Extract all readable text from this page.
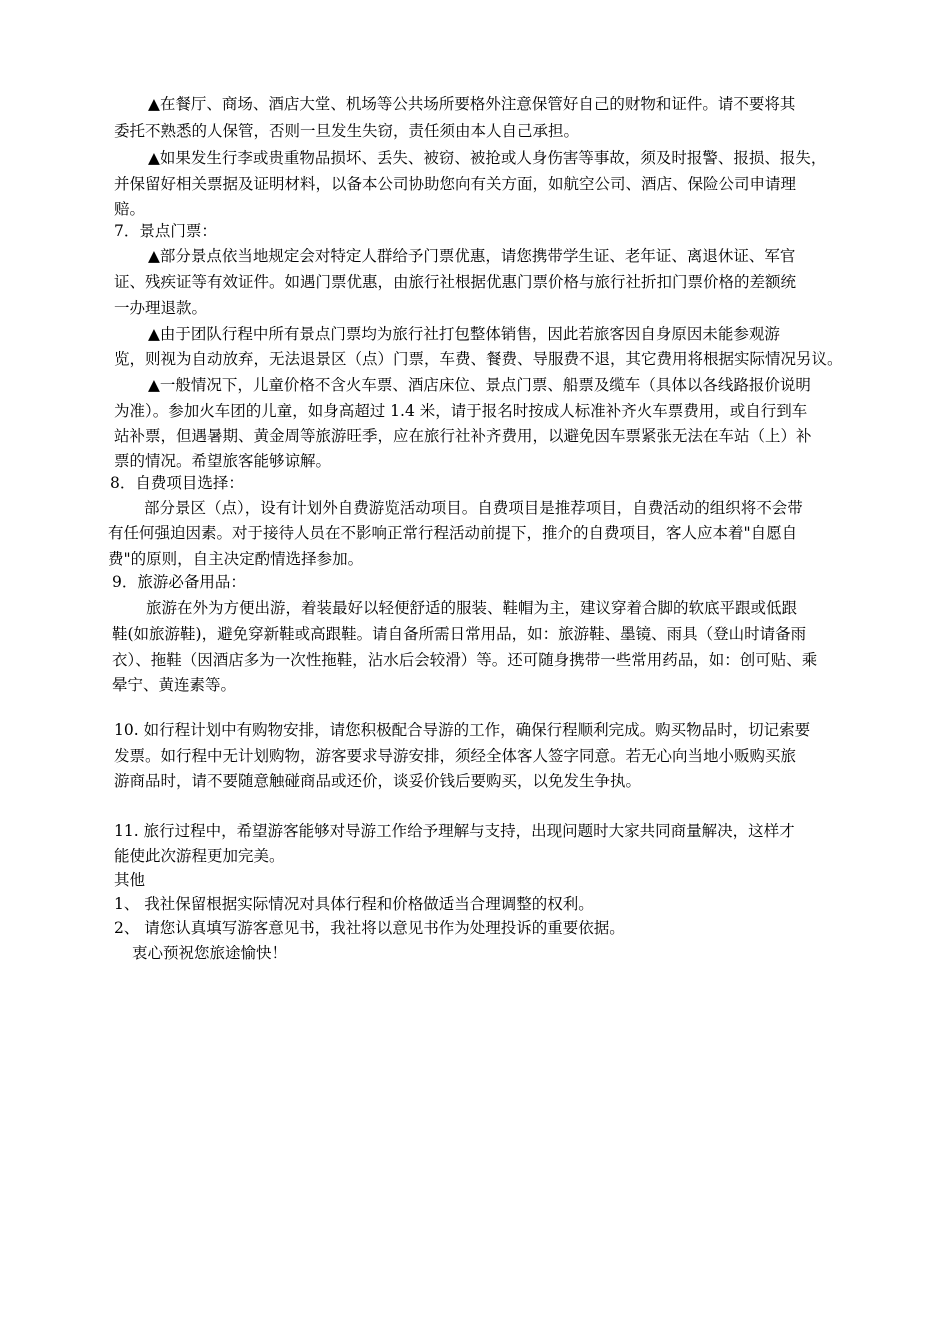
▲在餐厅、商场、酒店大堂、机场等公共场所要格外注意保管好自己的财物和证件。请不要将其
委托不熟悉的人保管，否则一旦发生失窃，责任须由本人自己承担。
▲如果发生行李或贵重物品损坏、丢失、被窃、被抢或人身伤害等事故，须及时报警、报损、报失，
并保留好相关票据及证明材料，以备本公司协助您向有关方面，如航空公司、酒店、保险公司申请理
赔。
7．景点门票：
▲部分景点依当地规定会对特定人群给予门票优惠，请您携带学生证、老年证、离退休证、军官
证、残疾证等有效证件。如遇门票优惠，由旅行社根据优惠门票价格与旅行社折扣门票价格的差额统
一办理退款。
▲由于团队行程中所有景点门票均为旅行社打包整体销售，因此若旅客因自身原因未能参观游
览，则视为自动放弃，无法退景区（点）门票，车费、餐费、导服费不退，其它费用将根据实际情况另议。
▲一般情况下，儿童价格不含火车票、酒店床位、景点门票、船票及缆车（具体以各线路报价说明
为准）。参加火车团的儿童，如身高超过 1.4 米，请于报名时按成人标准补齐火车票费用，或自行到车
站补票，但遇暑期、黄金周等旅游旺季，应在旅行社补齐费用，以避免因车票紧张无法在车站（上）补
票的情况。希望旅客能够谅解。
8．自费项目选择：
部分景区（点），设有计划外自费游览活动项目。自费项目是推荐项目，自费活动的组织将不会带
有任何强迫因素。对于接待人员在不影响正常行程活动前提下，推介的自费项目，客人应本着"自愿自
费"的原则，自主决定酌情选择参加。
9．旅游必备用品：
旅游在外为方便出游，着装最好以轻便舒适的服装、鞋帽为主，建议穿着合脚的软底平跟或低跟
鞋(如旅游鞋)，避免穿新鞋或高跟鞋。请自备所需日常用品，如：旅游鞋、墨镜、雨具（登山时请备雨
衣）、拖鞋（因酒店多为一次性拖鞋，沾水后会较滑）等。还可随身携带一些常用药品，如：创可贴、乘
晕宁、黄连素等。
10. 如行程计划中有购物安排，请您积极配合导游的工作，确保行程顺利完成。购买物品时，切记索要
发票。如行程中无计划购物，游客要求导游安排，须经全体客人签字同意。若无心向当地小贩购买旅
游商品时，请不要随意触碰商品或还价，谈妥价钱后要购买，以免发生争执。
11. 旅行过程中，希望游客能够对导游工作给予理解与支持，出现问题时大家共同商量解决，这样才
能使此次游程更加完美。
其他
1、 我社保留根据实际情况对具体行程和价格做适当合理调整的权利。
2、 请您认真填写游客意见书，我社将以意见书作为处理投诉的重要依据。
衷心预祝您旅途愉快！
